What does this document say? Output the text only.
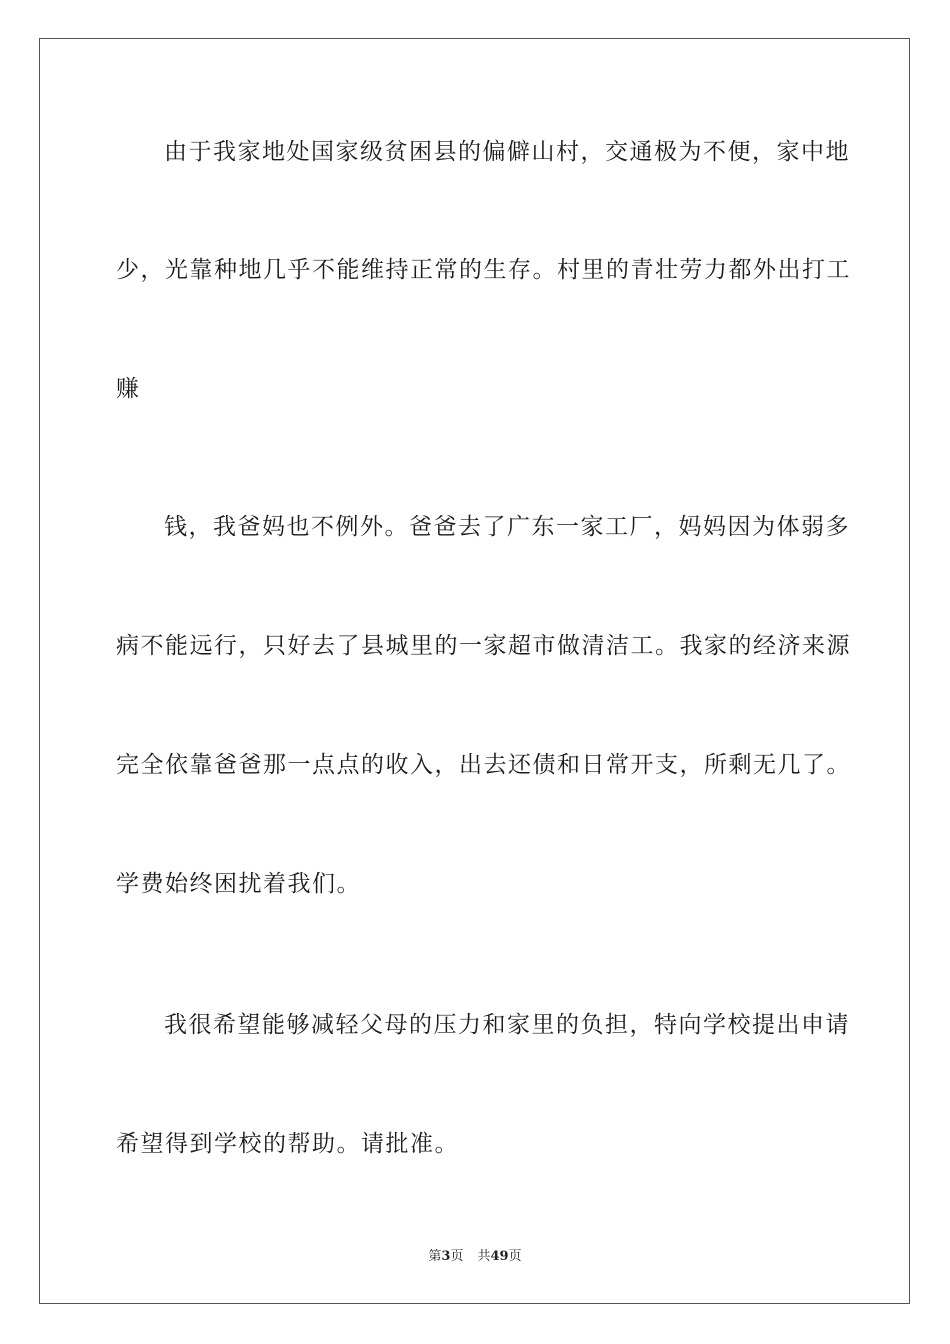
由于我家地处国家级贫困县的偏僻山村，交通极为不便，家中地
少，光靠种地几乎不能维持正常的生存。村里的青壮劳力都外出打工
赚
钱，我爸妈也不例外。爸爸去了广东一家工厂，妈妈因为体弱多
病不能远行，只好去了县城里的一家超市做清洁工。我家的经济来源
完全依靠爸爸那一点点的收入，出去还债和日常开支，所剩无几了。
学费始终困扰着我们。
我很希望能够减轻父母的压力和家里的负担，特向学校提出申请
希望得到学校的帮助。请批准。
第3页 共49页
